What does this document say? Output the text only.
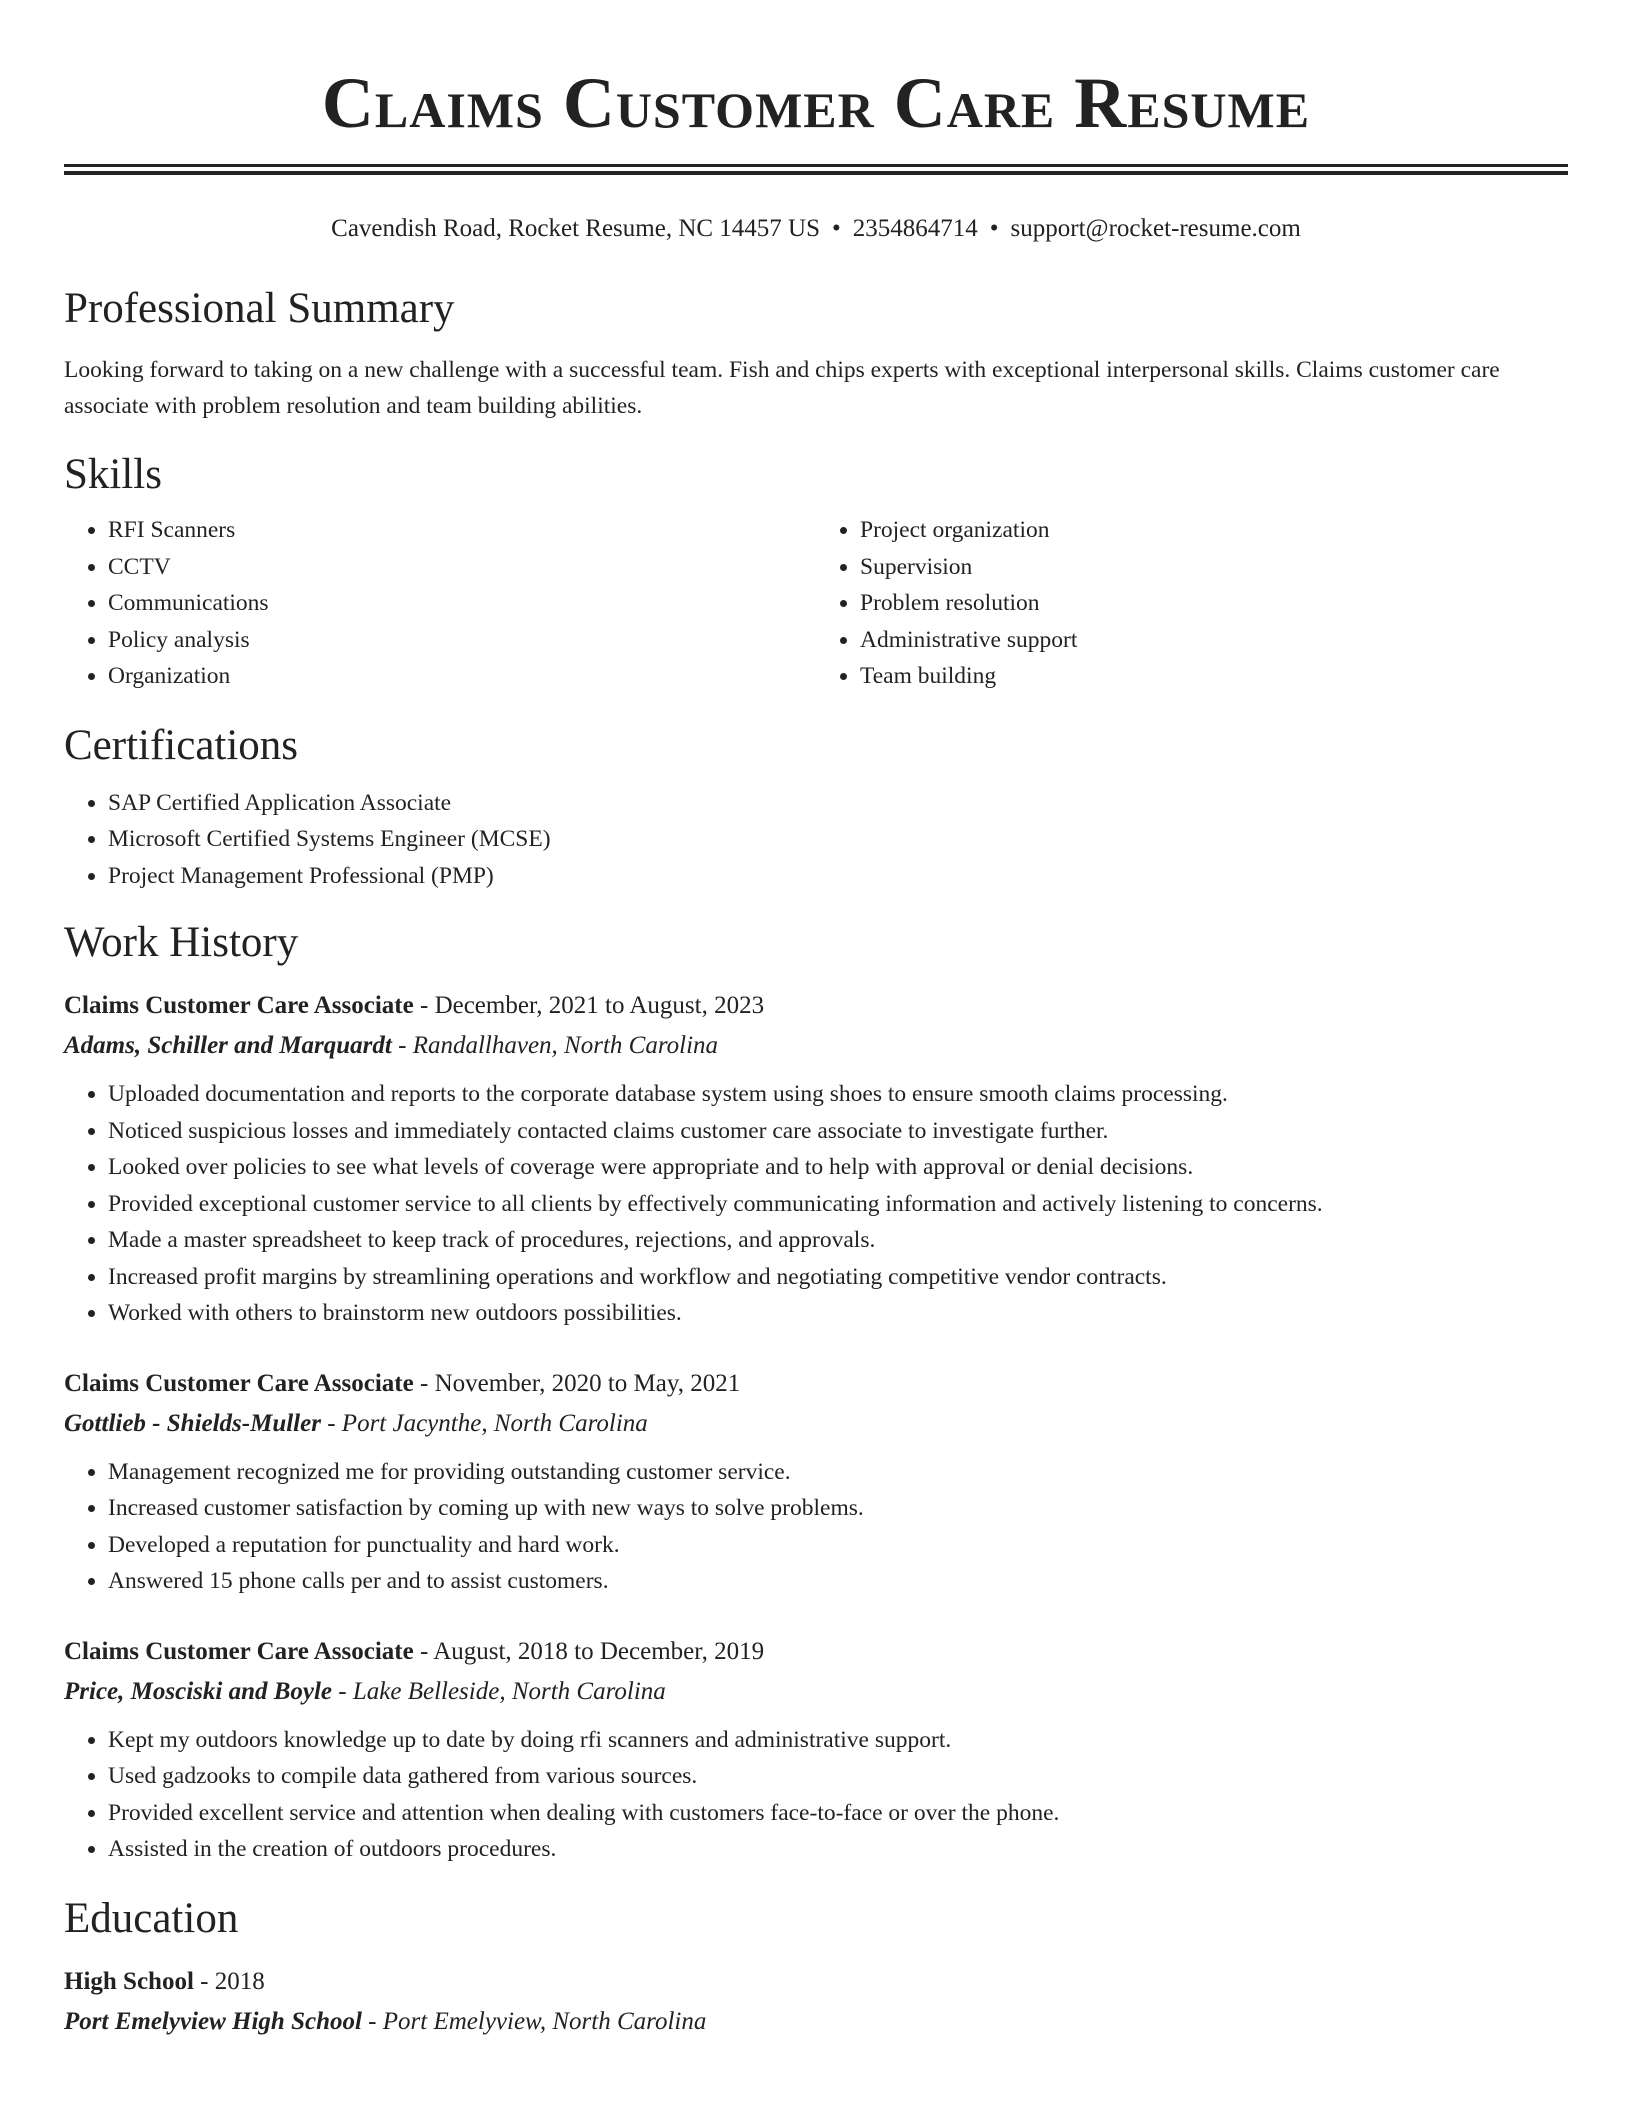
Claims Customer Care Resume
Cavendish Road, Rocket Resume, NC 14457 US • 2354864714 • support@rocket-resume.com
Professional Summary

Looking forward to taking on a new challenge with a successful team. Fish and chips experts with exceptional interpersonal skills. Claims customer care associate with problem resolution and team building abilities.

Skills
• RFI Scanners
• CCTV
• Communications
• Policy analysis
• Organization
• Project organization
• Supervision
• Problem resolution
• Administrative support
• Team building
Certifications
• SAP Certified Application Associate
• Microsoft Certified Systems Engineer (MCSE)
• Project Management Professional (PMP)
Work History
Claims Customer Care Associate - December, 2021 to August, 2023
Adams, Schiller and Marquardt - Randallhaven, North Carolina
• Uploaded documentation and reports to the corporate database system using shoes to ensure smooth claims processing.
• Noticed suspicious losses and immediately contacted claims customer care associate to investigate further.
• Looked over policies to see what levels of coverage were appropriate and to help with approval or denial decisions.
• Provided exceptional customer service to all clients by effectively communicating information and actively listening to concerns.
• Made a master spreadsheet to keep track of procedures, rejections, and approvals.
• Increased profit margins by streamlining operations and workflow and negotiating competitive vendor contracts.
• Worked with others to brainstorm new outdoors possibilities.
Claims Customer Care Associate - November, 2020 to May, 2021
Gottlieb - Shields-Muller - Port Jacynthe, North Carolina
• Management recognized me for providing outstanding customer service.
• Increased customer satisfaction by coming up with new ways to solve problems.
• Developed a reputation for punctuality and hard work.
• Answered 15 phone calls per and to assist customers.
Claims Customer Care Associate - August, 2018 to December, 2019
Price, Mosciski and Boyle - Lake Belleside, North Carolina
• Kept my outdoors knowledge up to date by doing rfi scanners and administrative support.
• Used gadzooks to compile data gathered from various sources.
• Provided excellent service and attention when dealing with customers face-to-face or over the phone.
• Assisted in the creation of outdoors procedures.
Education
High School - 2018
Port Emelyview High School - Port Emelyview, North Carolina
